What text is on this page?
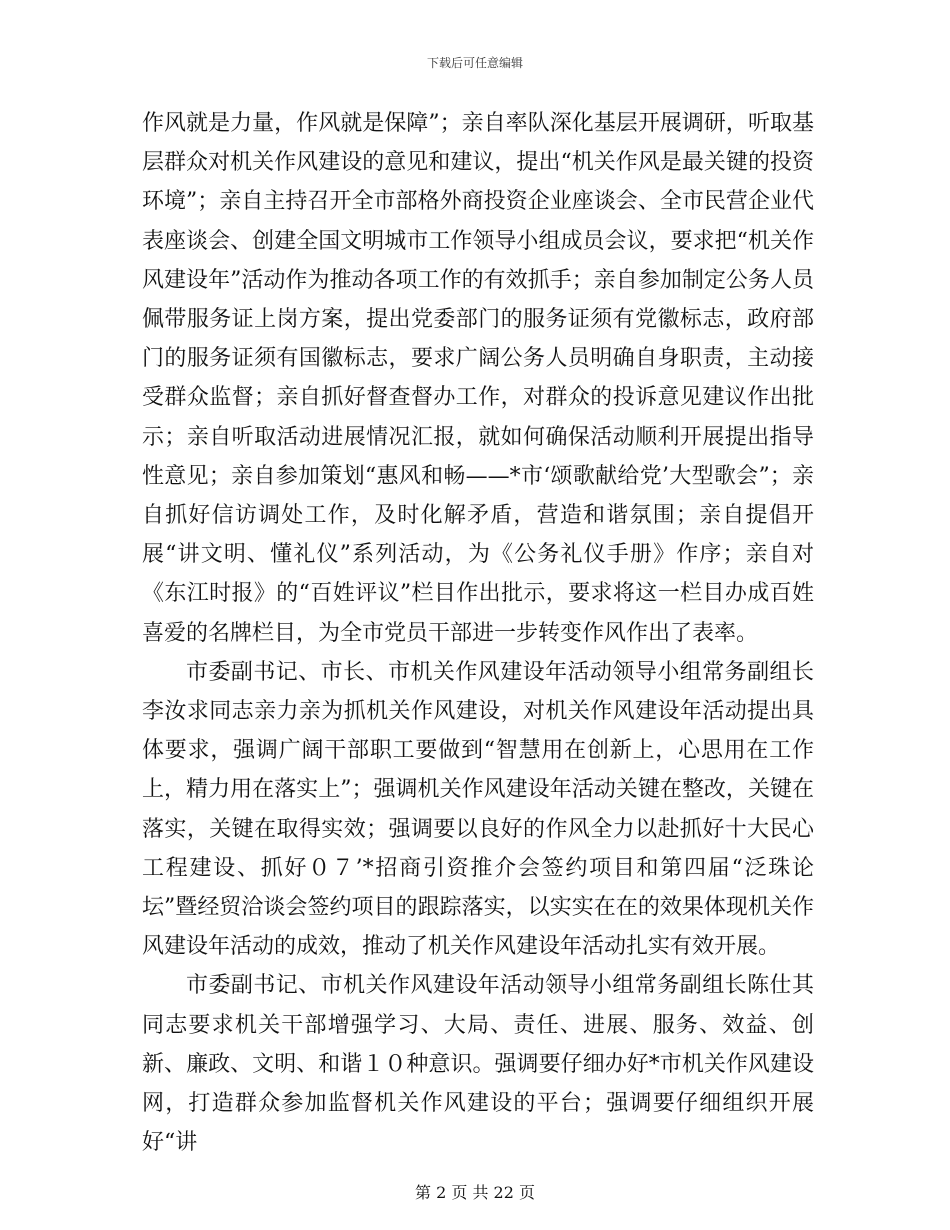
下载后可任意编辑

作风就是力量，作风就是保障”；亲自率队深化基层开展调研，听取基层群众对机关作风建设的意见和建议，提出“机关作风是最关键的投资环境”；亲自主持召开全市部格外商投资企业座谈会、全市民营企业代表座谈会、创建全国文明城市工作领导小组成员会议，要求把“机关作风建设年”活动作为推动各项工作的有效抓手；亲自参加制定公务人员佩带服务证上岗方案，提出党委部门的服务证须有党徽标志，政府部门的服务证须有国徽标志，要求广阔公务人员明确自身职责，主动接受群众监督；亲自抓好督查督办工作，对群众的投诉意见建议作出批示；亲自听取活动进展情况汇报，就如何确保活动顺利开展提出指导性意见；亲自参加策划“惠风和畅——*市‘颂歌献给党’大型歌会”；亲自抓好信访调处工作，及时化解矛盾，营造和谐氛围；亲自提倡开展“讲文明、懂礼仪”系列活动，为《公务礼仪手册》作序；亲自对《东江时报》的“百姓评议”栏目作出批示，要求将这一栏目办成百姓喜爱的名牌栏目，为全市党员干部进一步转变作风作出了表率。

市委副书记、市长、市机关作风建设年活动领导小组常务副组长李汝求同志亲力亲为抓机关作风建设，对机关作风建设年活动提出具体要求，强调广阔干部职工要做到“智慧用在创新上，心思用在工作上，精力用在落实上”；强调机关作风建设年活动关键在整改，关键在落实，关键在取得实效；强调要以良好的作风全力以赴抓好十大民心工程建设、抓好０７’*招商引资推介会签约项目和第四届“泛珠论坛”暨经贸洽谈会签约项目的跟踪落实，以实实在在的效果体现机关作风建设年活动的成效，推动了机关作风建设年活动扎实有效开展。

市委副书记、市机关作风建设年活动领导小组常务副组长陈仕其同志要求机关干部增强学习、大局、责任、进展、服务、效益、创新、廉政、文明、和谐１０种意识。强调要仔细办好*市机关作风建设网，打造群众参加监督机关作风建设的平台；强调要仔细组织开展好“讲

第 2 页 共 22 页
